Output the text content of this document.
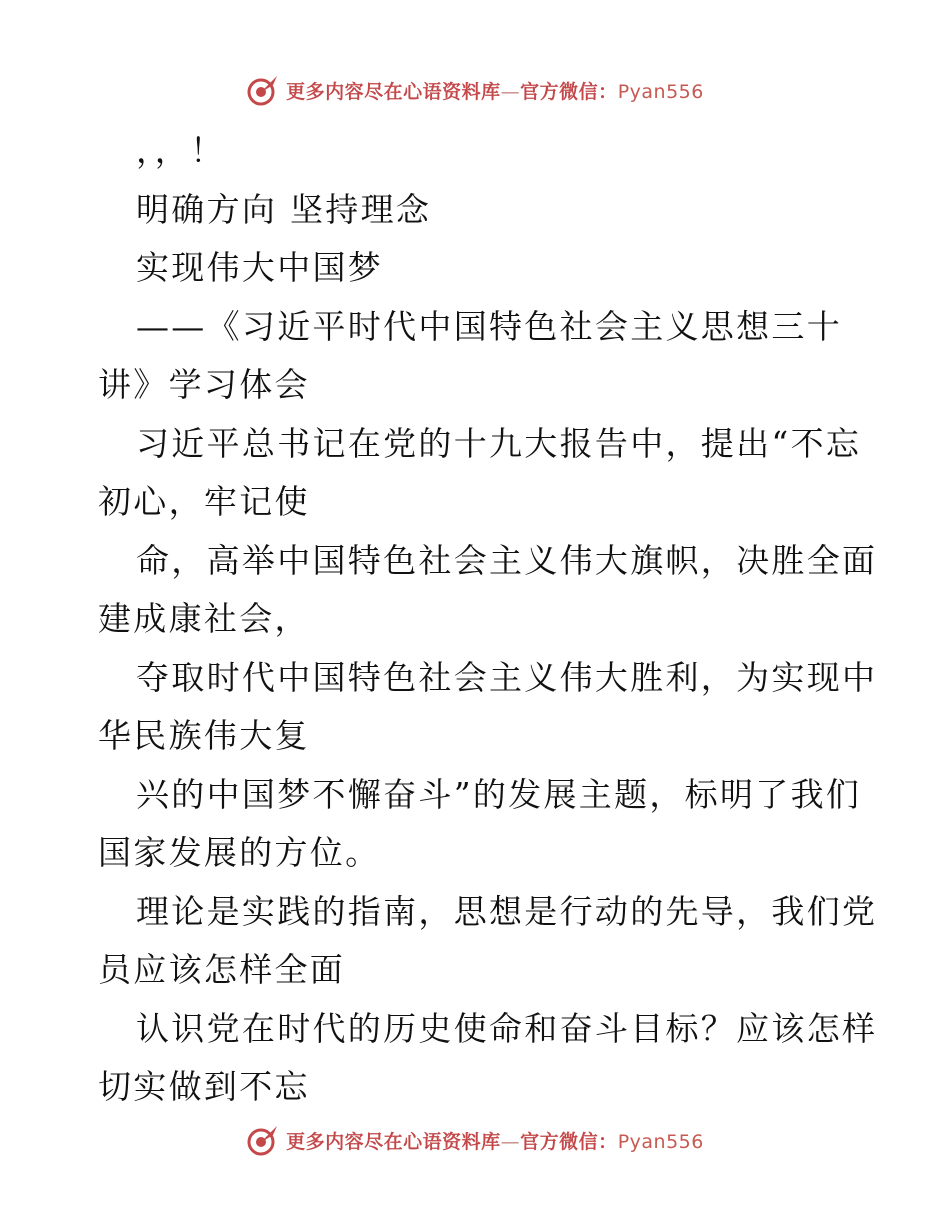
更多内容尽在心语资料库—官方微信：Pyan556
，，！
明确方向 坚持理念
实现伟大中国梦
——《习近平时代中国特色社会主义思想三十
讲》学习体会
习近平总书记在党的十九大报告中，提出“不忘
初心，牢记使
命，高举中国特色社会主义伟大旗帜，决胜全面
建成康社会，
夺取时代中国特色社会主义伟大胜利，为实现中
华民族伟大复
兴的中国梦不懈奋斗”的发展主题，标明了我们
国家发展的方位。
理论是实践的指南，思想是行动的先导，我们党
员应该怎样全面
认识党在时代的历史使命和奋斗目标？应该怎样
切实做到不忘
更多内容尽在心语资料库—官方微信：Pyan556
